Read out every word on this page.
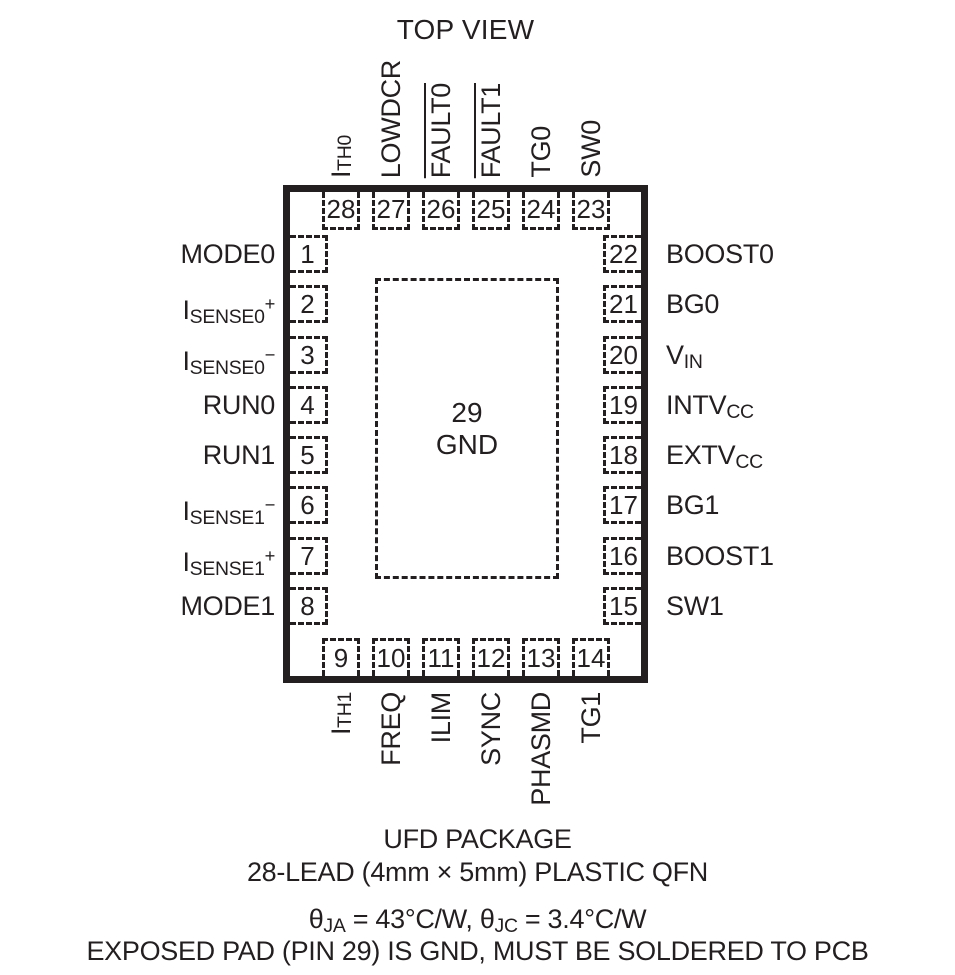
TOP VIEW
29
GND
28 27 26 25 24 23
ITH0 LOWDCR FAULT0 FAULT1 TG0 SW0
1
2
3
4
5
6
7
8
MODE0
ISENSE0+
ISENSE0−
RUN0
RUN1
ISENSE1−
ISENSE1+
MODE1
22
21
20
19
18
17
16
15
BOOST0
BG0
VIN
INTVCC
EXTVCC
BG1
BOOST1
SW1
9	10 11 12 13 14
ITH1 FREQ ILIM SYNC PHASMD TG1
UFD PACKAGE
28-LEAD (4mm × 5mm) PLASTIC QFN
θJA = 43°C/W, θJC = 3.4°C/W
EXPOSED PAD (PIN 29) IS GND, MUST BE SOLDERED TO PCB
